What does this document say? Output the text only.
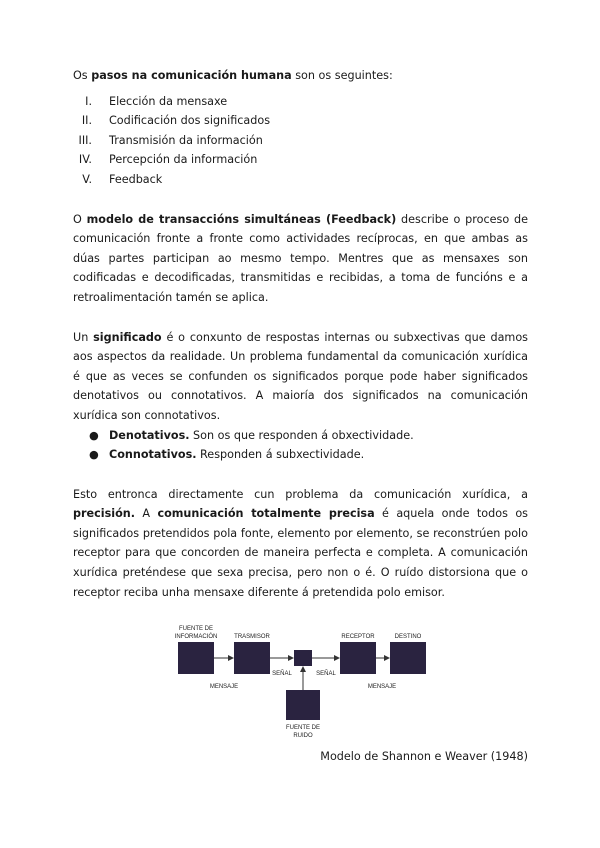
Os pasos na comunicación humana son os seguintes:

I. Elección da mensaxe
II. Codificación dos significados
III. Transmisión da información
IV. Percepción da información
V. Feedback

O modelo de transaccións simultáneas (Feedback) describe o proceso de comunicación fronte a fronte como actividades recíprocas, en que ambas as dúas partes participan ao mesmo tempo. Mentres que as mensaxes son codificadas e decodificadas, transmitidas e recibidas, a toma de funcións e a retroalimentación tamén se aplica.

Un significado é o conxunto de respostas internas ou subxectivas que damos aos aspectos da realidade. Un problema fundamental da comunicación xurídica é que as veces se confunden os significados porque pode haber significados denotativos ou connotativos. A maioría dos significados na comunicación xurídica son connotativos.

● Denotativos. Son os que responden á obxectividade.
● Connotativos. Responden á subxectividade.

Esto entronca directamente cun problema da comunicación xurídica, a precisión. A comunicación totalmente precisa é aquela onde todos os significados pretendidos pola fonte, elemento por elemento, se reconstrúen polo receptor para que concorden de maneira perfecta e completa. A comunicación xurídica preténdese que sexa precisa, pero non o é. O ruído distorsiona que o receptor reciba unha mensaxe diferente á pretendida polo emisor.

FUENTE DE
INFORMACIÓN	TRASMISOR	RECEPTOR	DESTINO
MENSAJE
SEÑAL	SEÑAL
MENSAJE
FUENTE DE
RUIDO
Modelo de Shannon e Weaver (1948)
